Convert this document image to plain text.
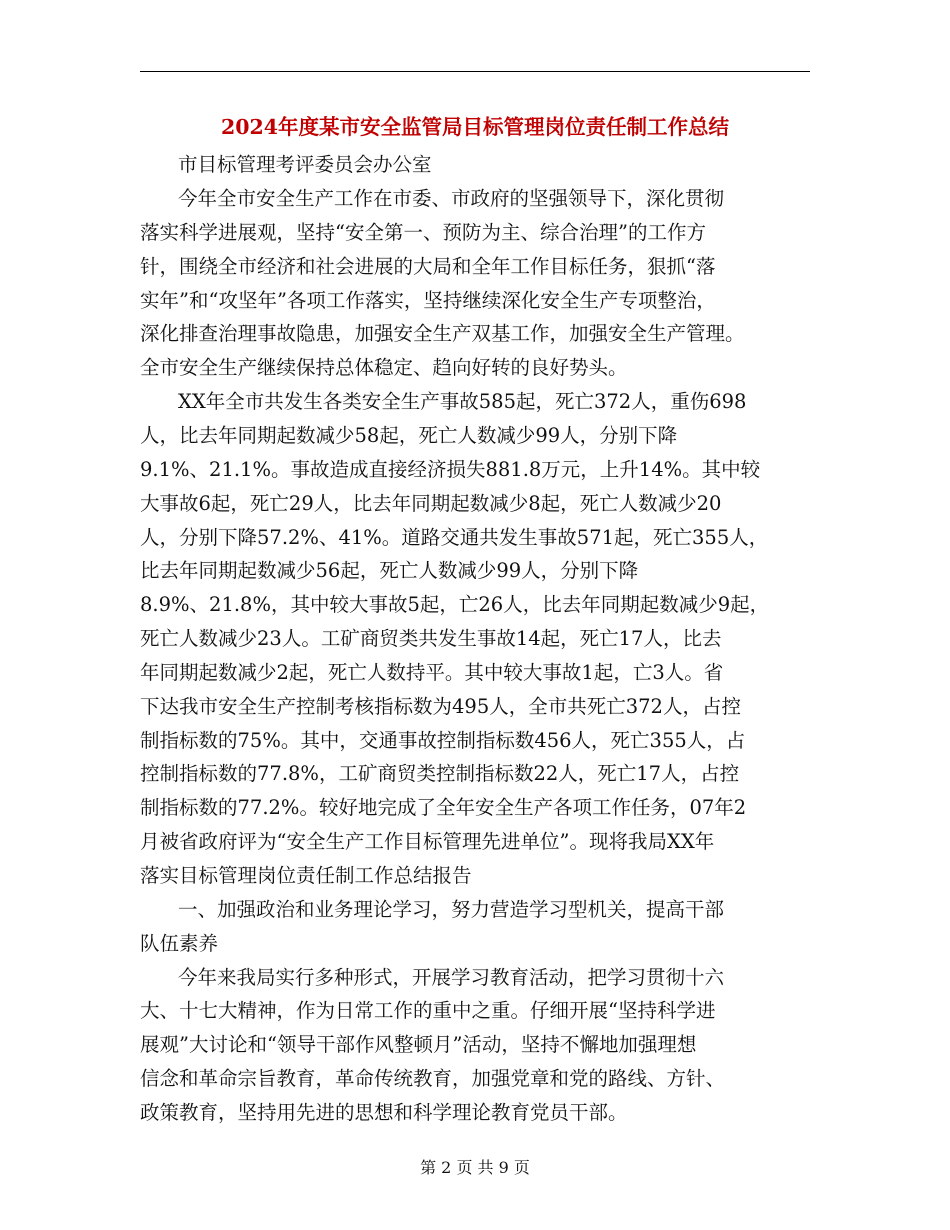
2024年度某市安全监管局目标管理岗位责任制工作总结
市目标管理考评委员会办公室
今年全市安全生产工作在市委、市政府的坚强领导下，深化贯彻
落实科学进展观，坚持“安全第一、预防为主、综合治理”的工作方
针，围绕全市经济和社会进展的大局和全年工作目标任务，狠抓“落
实年”和“攻坚年”各项工作落实，坚持继续深化安全生产专项整治，
深化排查治理事故隐患，加强安全生产双基工作，加强安全生产管理。
全市安全生产继续保持总体稳定、趋向好转的良好势头。
XX年全市共发生各类安全生产事故585起，死亡372人，重伤698
人，比去年同期起数减少58起，死亡人数减少99人，分别下降
9.1%、21.1%。事故造成直接经济损失881.8万元，上升14%。其中较
大事故6起，死亡29人，比去年同期起数减少8起，死亡人数减少20
人，分别下降57.2%、41%。道路交通共发生事故571起，死亡355人，
比去年同期起数减少56起，死亡人数减少99人，分别下降
8.9%、21.8%，其中较大事故5起，亡26人，比去年同期起数减少9起，
死亡人数减少23人。工矿商贸类共发生事故14起，死亡17人，比去
年同期起数减少2起，死亡人数持平。其中较大事故1起，亡3人。省
下达我市安全生产控制考核指标数为495人，全市共死亡372人，占控
制指标数的75%。其中，交通事故控制指标数456人，死亡355人，占
控制指标数的77.8%，工矿商贸类控制指标数22人，死亡17人，占控
制指标数的77.2%。较好地完成了全年安全生产各项工作任务，07年2
月被省政府评为“安全生产工作目标管理先进单位”。现将我局XX年
落实目标管理岗位责任制工作总结报告
一、加强政治和业务理论学习，努力营造学习型机关，提高干部
队伍素养
今年来我局实行多种形式，开展学习教育活动，把学习贯彻十六
大、十七大精神，作为日常工作的重中之重。仔细开展“坚持科学进
展观”大讨论和“领导干部作风整顿月”活动，坚持不懈地加强理想
信念和革命宗旨教育，革命传统教育，加强党章和党的路线、方针、
政策教育，坚持用先进的思想和科学理论教育党员干部。
第 2 页 共 9 页
